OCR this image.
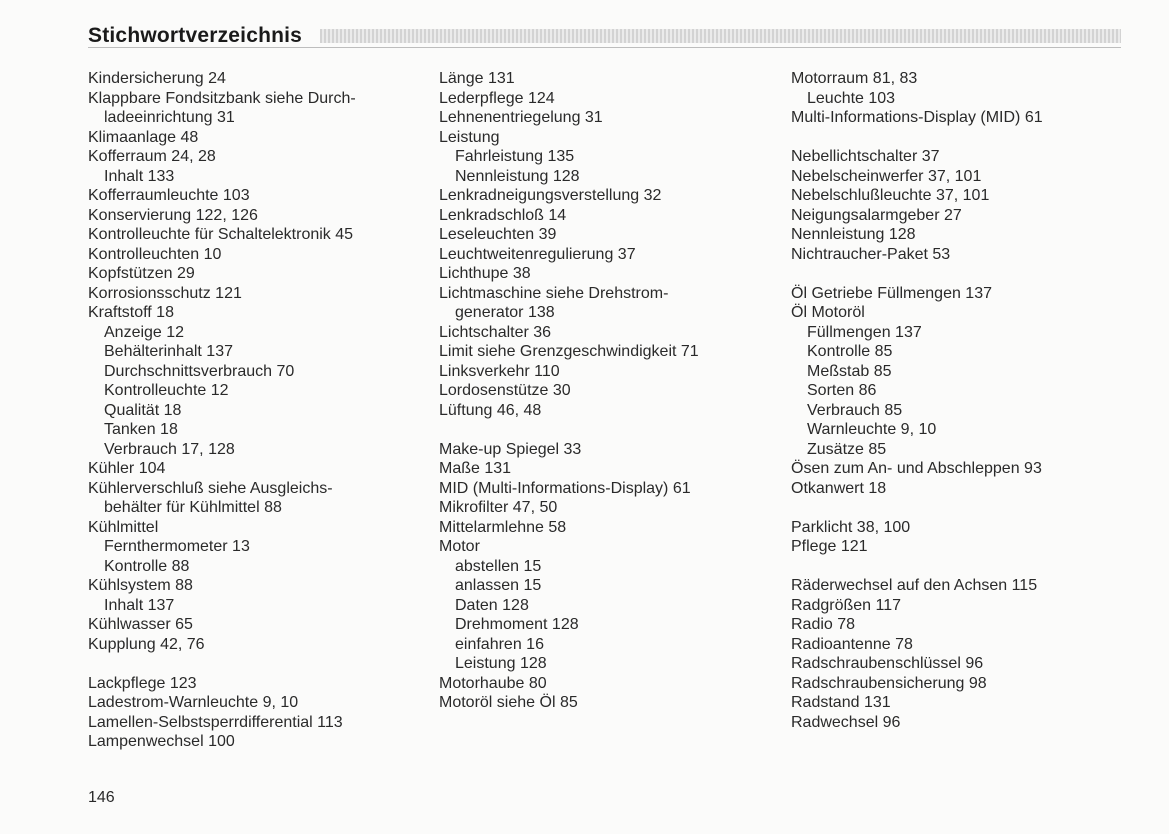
Stichwortverzeichnis
Kindersicherung 24
Klappbare Fondsitzbank siehe Durch-
ladeeinrichtung 31
Klimaanlage 48
Kofferraum 24, 28
Inhalt 133
Kofferraumleuchte 103
Konservierung 122, 126
Kontrolleuchte für Schaltelektronik 45
Kontrolleuchten 10
Kopfstützen 29
Korrosionsschutz 121
Kraftstoff 18
Anzeige 12
Behälterinhalt 137
Durchschnittsverbrauch 70
Kontrolleuchte 12
Qualität 18
Tanken 18
Verbrauch 17, 128
Kühler 104
Kühlerverschluß siehe Ausgleichs-
behälter für Kühlmittel 88
Kühlmittel
Fernthermometer 13
Kontrolle 88
Kühlsystem 88
Inhalt 137
Kühlwasser 65
Kupplung 42, 76
Lackpflege 123
Ladestrom-Warnleuchte 9, 10
Lamellen-Selbstsperrdifferential 113
Lampenwechsel 100
Länge 131
Lederpflege 124
Lehnenentriegelung 31
Leistung
Fahrleistung 135
Nennleistung 128
Lenkradneigungsverstellung 32
Lenkradschloß 14
Leseleuchten 39
Leuchtweitenregulierung 37
Lichthupe 38
Lichtmaschine siehe Drehstrom-
generator 138
Lichtschalter 36
Limit siehe Grenzgeschwindigkeit 71
Linksverkehr 110
Lordosenstütze 30
Lüftung 46, 48
Make-up Spiegel 33
Maße 131
MID (Multi-Informations-Display) 61
Mikrofilter 47, 50
Mittelarmlehne 58
Motor
abstellen 15
anlassen 15
Daten 128
Drehmoment 128
einfahren 16
Leistung 128
Motorhaube 80
Motoröl siehe Öl 85
Motorraum 81, 83
Leuchte 103
Multi-Informations-Display (MID) 61
Nebellichtschalter 37
Nebelscheinwerfer 37, 101
Nebelschlußleuchte 37, 101
Neigungsalarmgeber 27
Nennleistung 128
Nichtraucher-Paket 53
Öl Getriebe Füllmengen 137
Öl Motoröl
Füllmengen 137
Kontrolle 85
Meßstab 85
Sorten 86
Verbrauch 85
Warnleuchte 9, 10
Zusätze 85
Ösen zum An- und Abschleppen 93
Otkanwert 18
Parklicht 38, 100
Pflege 121
Räderwechsel auf den Achsen 115
Radgrößen 117
Radio 78
Radioantenne 78
Radschraubenschlüssel 96
Radschraubensicherung 98
Radstand 131
Radwechsel 96
146
